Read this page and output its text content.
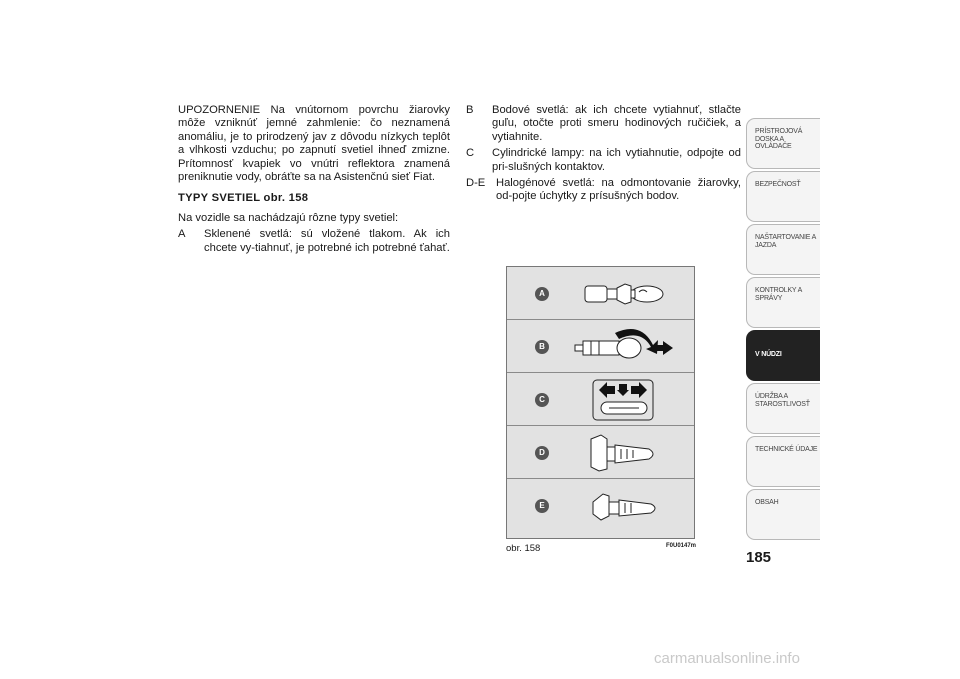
UPOZORNENIE Na vnútornom povrchu žiarovky môže vzniknúť jemné zahmlenie: čo neznamená anomáliu, je to prirodzený jav z dôvodu nízkych teplôt a vlhkosti vzduchu; po zapnutí svetiel ihneď zmizne. Prítomnosť kvapiek vo vnútri reflektora znamená preniknutie vody, obráťte sa na Asistenčnú sieť Fiat.

TYPY SVETIEL obr. 158

Na vozidle sa nachádzajú rôzne typy svetiel:

A	Sklenené svetlá: sú vložené tlakom. Ak ich chcete vy-tiahnuť, je potrebné ich potrebné ťahať.
B	Bodové svetlá: ak ich chcete vytiahnuť, stlačte guľu, otočte proti smeru hodinových ručičiek, a vytiahnite.
C	Cylindrické lampy: na ich vytiahnutie, odpojte od pri-slušných kontaktov.
D-E Halogénové svetlá: na odmontovanie žiarovky, od-pojte úchytky z prísušných bodov.
A
B
C
D
E
obr. 158	F0U0147m
PRÍSTROJOVÁ DOSKA A OVLÁDAČE
BEZPEČNOSŤ
NAŠTARTOVANIE A JAZDA
KONTROLKY A SPRÁVY
V NÚDZI
ÚDRŽBA A STAROSTLIVOSŤ
TECHNICKÉ ÚDAJE
OBSAH
185
carmanualsonline.info
